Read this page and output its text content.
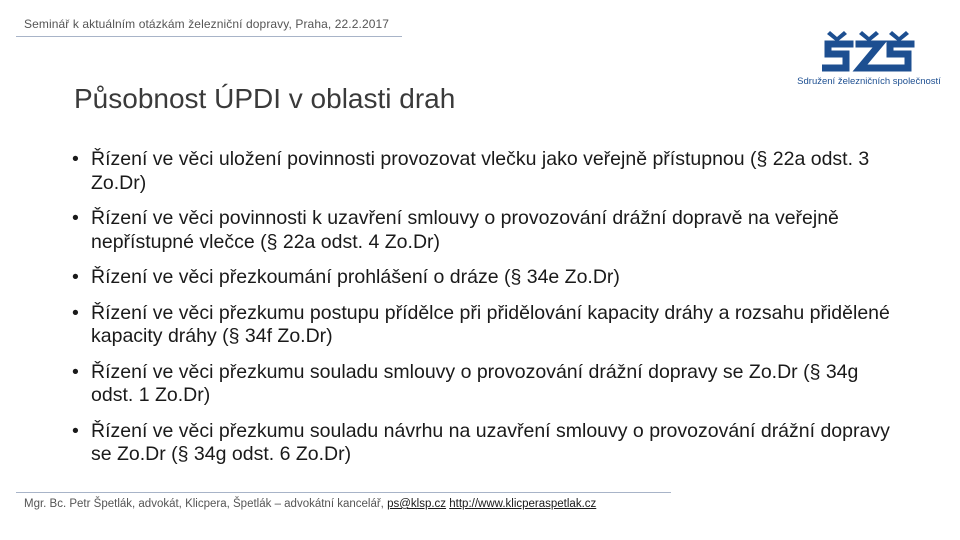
Seminář k aktuálním otázkám železniční dopravy, Praha, 22.2.2017
Působnost ÚPDI v oblasti drah
Sdružení železničních společností
• Řízení ve věci uložení povinnosti provozovat vlečku jako veřejně přístupnou (§ 22a odst. 3 Zo.Dr)
• Řízení ve věci povinnosti k uzavření smlouvy o provozování drážní dopravě na veřejně nepřístupné vlečce (§ 22a odst. 4 Zo.Dr)
• Řízení ve věci přezkoumání prohlášení o dráze (§ 34e Zo.Dr)
• Řízení ve věci přezkumu postupu přídělce při přidělování kapacity dráhy a rozsahu přidělené kapacity dráhy (§ 34f Zo.Dr)
• Řízení ve věci přezkumu souladu smlouvy o provozování drážní dopravy se Zo.Dr (§ 34g odst. 1 Zo.Dr)
• Řízení ve věci přezkumu souladu návrhu na uzavření smlouvy o provozování drážní dopravy se Zo.Dr (§ 34g odst. 6 Zo.Dr)
Mgr. Bc. Petr Špetlák, advokát, Klicpera, Špetlák – advokátní kancelář, ps@klsp.cz http://www.klicperaspetlak.cz
